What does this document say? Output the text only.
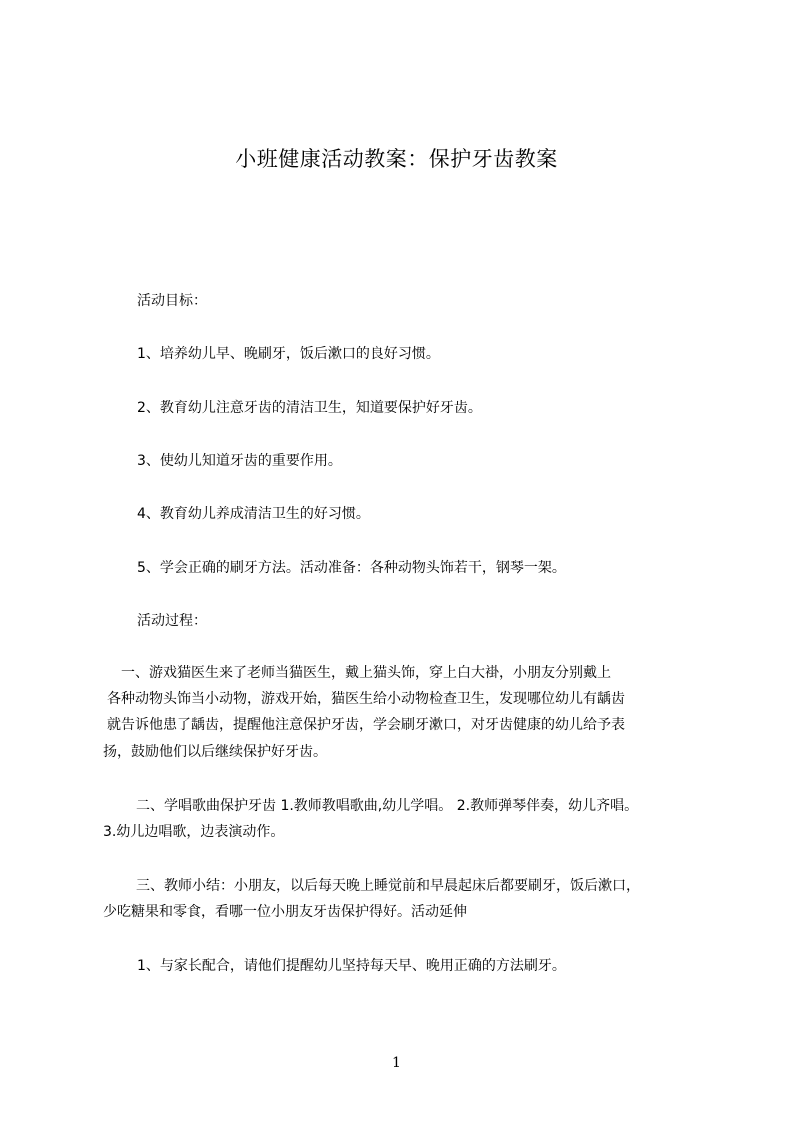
小班健康活动教案：保护牙齿教案
活动目标：
1、培养幼儿早、晚刷牙，饭后漱口的良好习惯。
2、教育幼儿注意牙齿的清洁卫生，知道要保护好牙齿。
3、使幼儿知道牙齿的重要作用。
4、教育幼儿养成清洁卫生的好习惯。
5、学会正确的刷牙方法。活动准备：各种动物头饰若干，钢琴一架。
活动过程：
一、游戏猫医生来了老师当猫医生，戴上猫头饰，穿上白大褂，小朋友分别戴上
各种动物头饰当小动物，游戏开始，猫医生给小动物检查卫生，发现哪位幼儿有龋齿
就告诉他患了龋齿，提醒他注意保护牙齿，学会刷牙漱口，对牙齿健康的幼儿给予表
扬，鼓励他们以后继续保护好牙齿。
二、学唱歌曲保护牙齿 1.教师教唱歌曲,幼儿学唱。 2.教师弹琴伴奏，幼儿齐唱。
3.幼儿边唱歌，边表演动作。
三、教师小结：小朋友，以后每天晚上睡觉前和早晨起床后都要刷牙，饭后漱口，
少吃糖果和零食，看哪一位小朋友牙齿保护得好。活动延伸
1、与家长配合，请他们提醒幼儿坚持每天早、晚用正确的方法刷牙。
1
